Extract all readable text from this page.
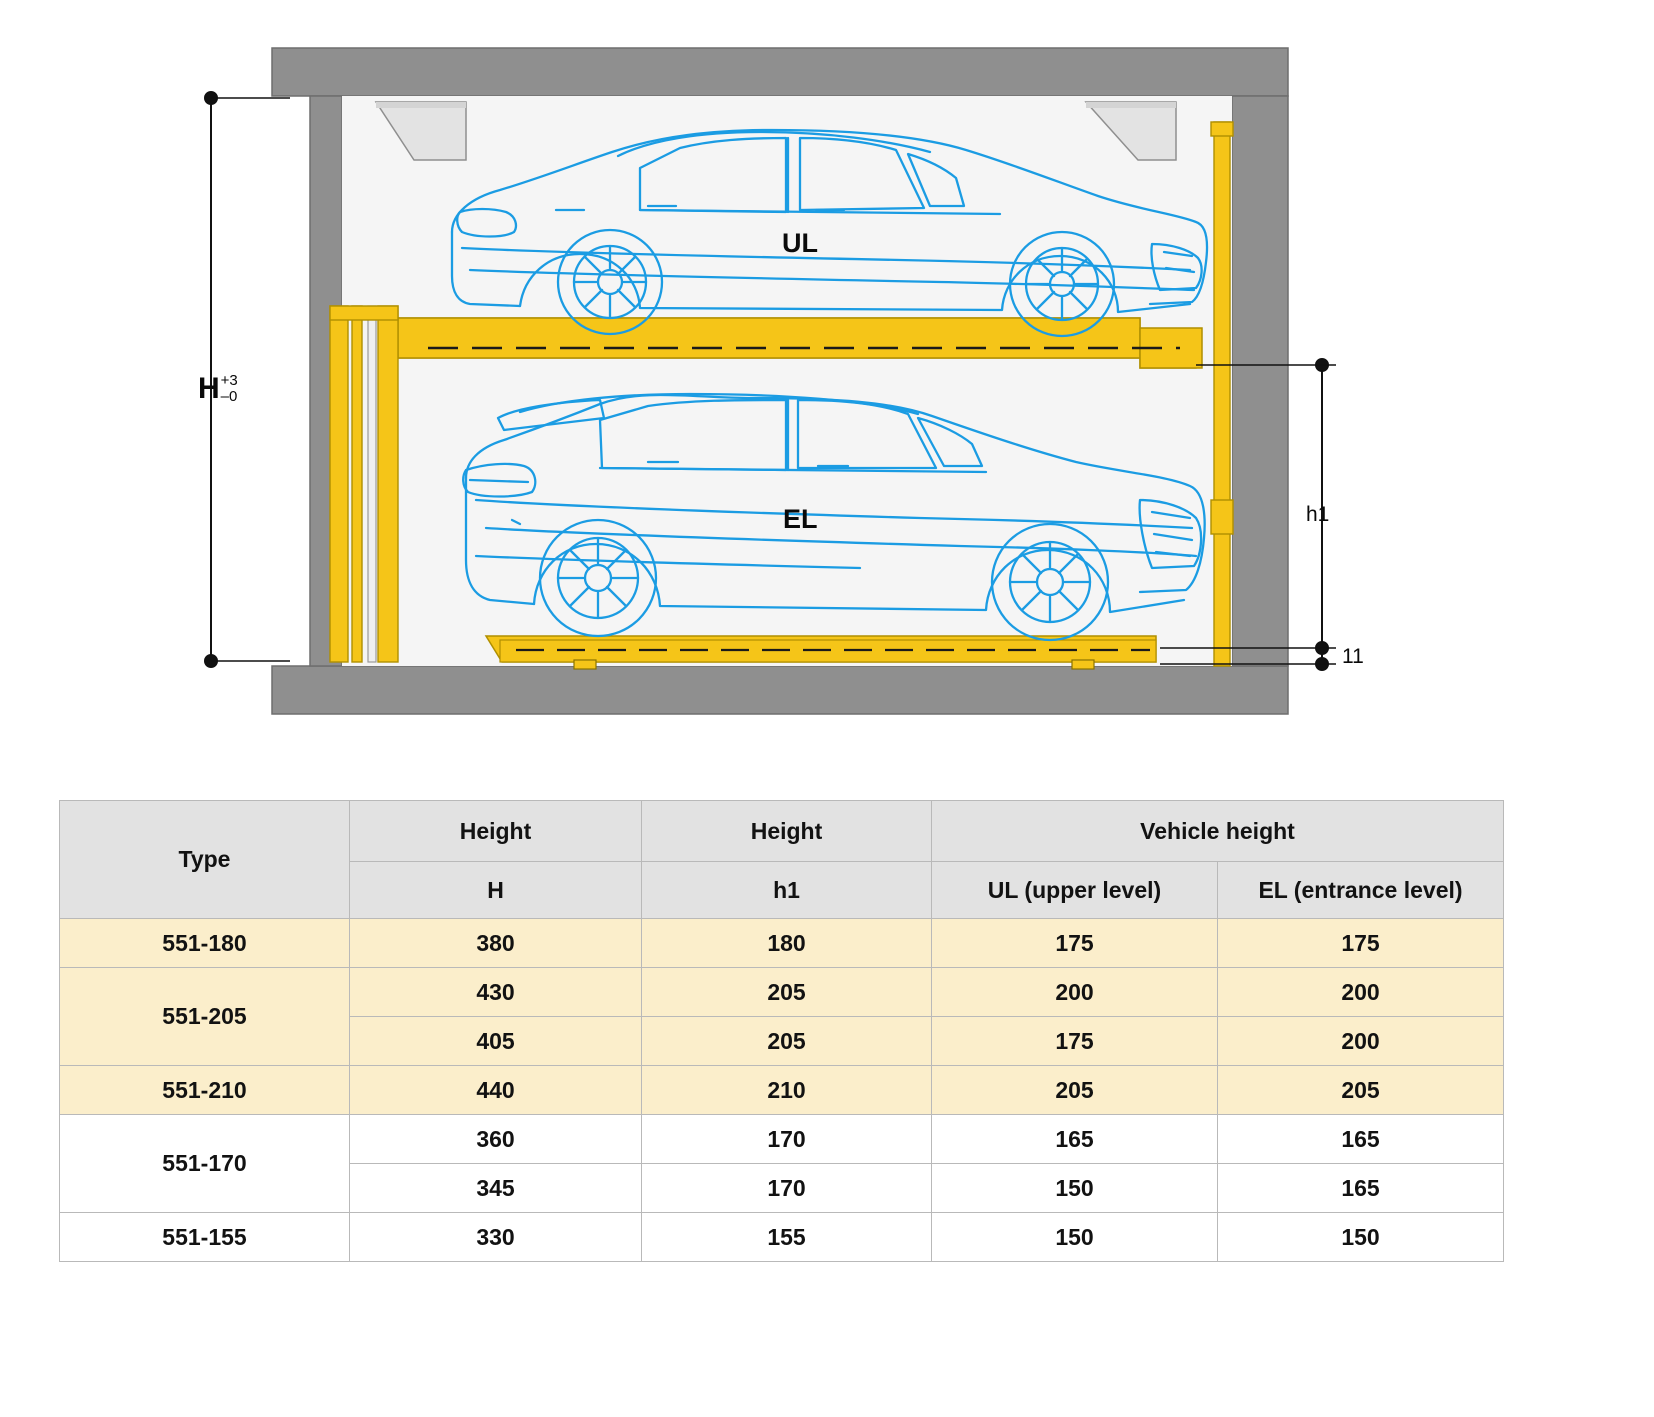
UL
EL
H +3
–0
h1
11
Type	Height	Height	Vehicle height	
	H	h1	UL (upper level)	EL (entrance level)
551-180	380	180	175	175
551-205	430	205	200	200
	405	205	175	200
551-210	440	210	205	205
551-170	360	170	165	165
	345	170	150	165
551-155	330	155	150	150
